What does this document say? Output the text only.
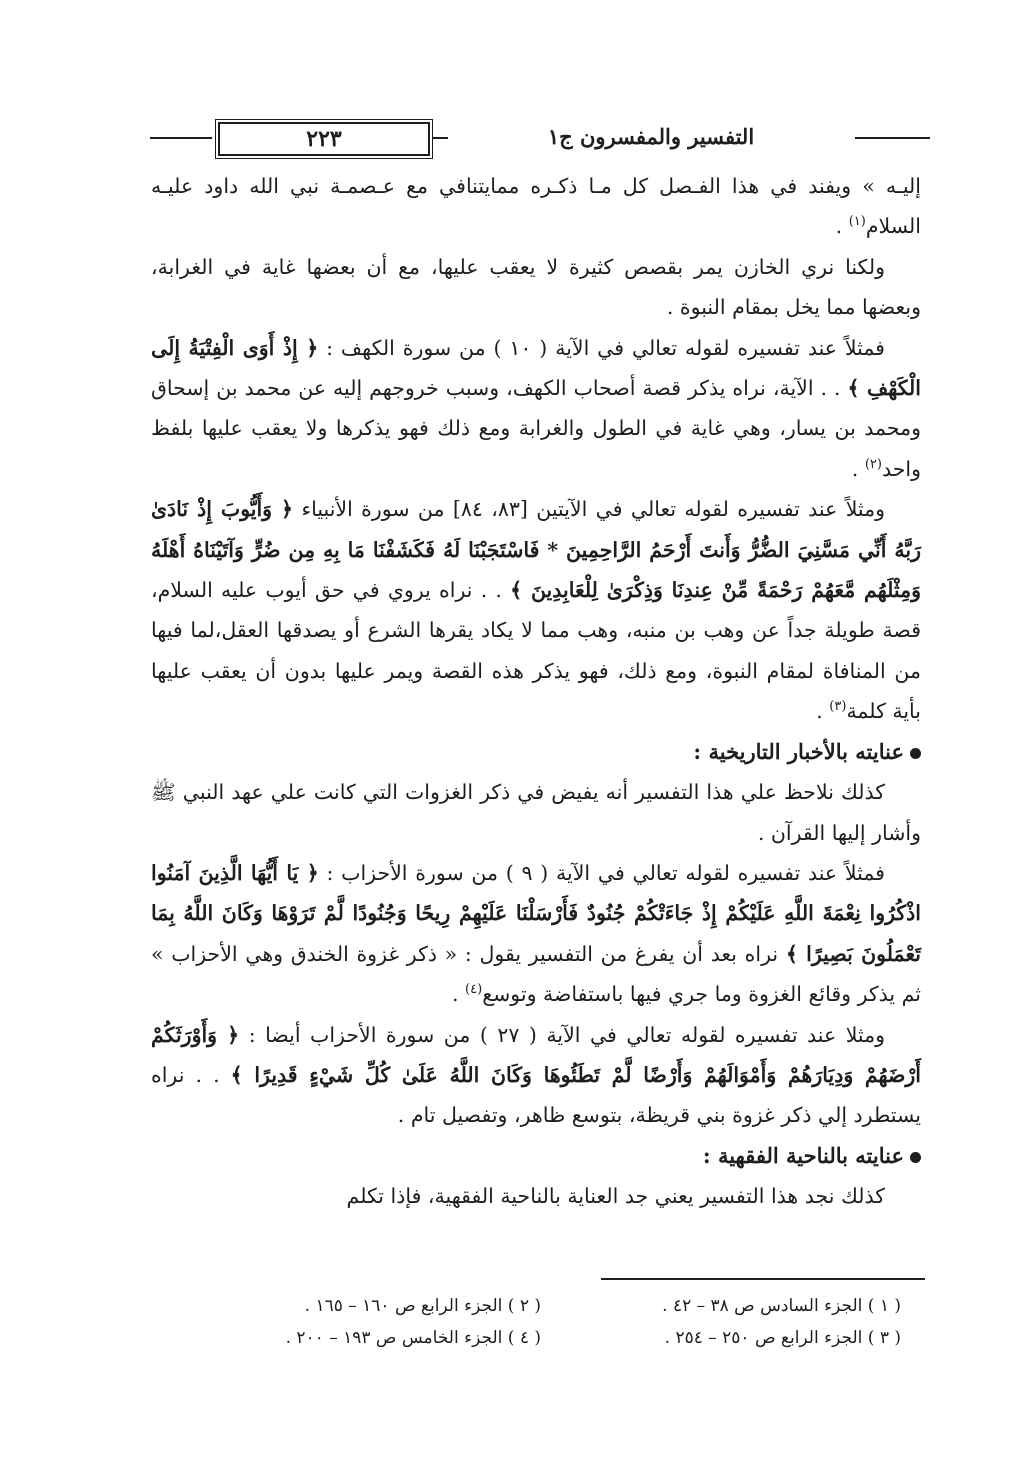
٢٢٣	التفسير والمفسرون ج١

إليـه » ويفند في هذا الفـصل كل مـا ذكـره ممايتنافي مع عـصمـة نبي الله داود عليـه السلام$^{(١)}$ .

ولكنا نري الخازن يمر بقصص كثيرة لا يعقب عليها، مع أن بعضها غاية في الغرابة، وبعضها مما يخل بمقام النبوة .

فمثلاً عند تفسيره لقوله تعالي في الآية ( ١٠ ) من سورة الكهف : ﴿ إِذْ أَوَى الْفِتْيَةُ إِلَى الْكَهْفِ ﴾ . . الآية، نراه يذكر قصة أصحاب الكهف، وسبب خروجهم إليه عن محمد بن إسحاق ومحمد بن يسار، وهي غاية في الطول والغرابة ومع ذلك فهو يذكرها ولا يعقب عليها بلفظ واحد$^{(٢)}$ .

ومثلاً عند تفسيره لقوله تعالي في الآيتين [٨٣، ٨٤] من سورة الأنبياء ﴿ وَأَيُّوبَ إِذْ نَادَىٰ رَبَّهُ أَنِّي مَسَّنِيَ الضُّرُّ وَأَنتَ أَرْحَمُ الرَّاحِمِينَ * فَاسْتَجَبْنَا لَهُ فَكَشَفْنَا مَا بِهِ مِن ضُرٍّ وَآتَيْنَاهُ أَهْلَهُ وَمِثْلَهُم مَّعَهُمْ رَحْمَةً مِّنْ عِندِنَا وَذِكْرَىٰ لِلْعَابِدِينَ ﴾ . . نراه يروي في حق أيوب عليه السلام، قصة طويلة جداً عن وهب بن منبه، وهب مما لا يكاد يقرها الشرع أو يصدقها العقل،لما فيها من المنافاة لمقام النبوة، ومع ذلك، فهو يذكر هذه القصة ويمر عليها بدون أن يعقب عليها بأية كلمة$^{(٣)}$ .

عنايته بالأخبار التاريخية :

كذلك نلاحظ علي هذا التفسير أنه يفيض في ذكر الغزوات التي كانت علي عهد النبي ﷺ وأشار إليها القرآن .

فمثلاً عند تفسيره لقوله تعالي في الآية ( ٩ ) من سورة الأحزاب : ﴿ يَا أَيُّهَا الَّذِينَ آمَنُوا اذْكُرُوا نِعْمَةَ اللَّهِ عَلَيْكُمْ إِذْ جَاءَتْكُمْ جُنُودٌ فَأَرْسَلْنَا عَلَيْهِمْ رِيحًا وَجُنُودًا لَّمْ تَرَوْهَا وَكَانَ اللَّهُ بِمَا تَعْمَلُونَ بَصِيرًا ﴾ نراه بعد أن يفرغ من التفسير يقول : « ذكر غزوة الخندق وهي الأحزاب » ثم يذكر وقائع الغزوة وما جري فيها باستفاضة وتوسع$^{(٤)}$ .

ومثلا عند تفسيره لقوله تعالي في الآية ( ٢٧ ) من سورة الأحزاب أيضا : ﴿ وَأَوْرَثَكُمْ أَرْضَهُمْ وَدِيَارَهُمْ وَأَمْوَالَهُمْ وَأَرْضًا لَّمْ تَطَئُوهَا وَكَانَ اللَّهُ عَلَىٰ كُلِّ شَيْءٍ قَدِيرًا ﴾ . . نراه يستطرد إلي ذكر غزوة بني قريظة، بتوسع ظاهر، وتفصيل تام .

عنايته بالناحية الفقهية :

كذلك نجد هذا التفسير يعني جد العناية بالناحية الفقهية، فإذا تكلم

( ١ ) الجزء السادس ص ٣٨ – ٤٢ .
( ٢ ) الجزء الرابع ص ١٦٠ – ١٦٥ .
( ٣ ) الجزء الرابع ص ٢٥٠ – ٢٥٤ .
( ٤ ) الجزء الخامس ص ١٩٣ – ٢٠٠ .
